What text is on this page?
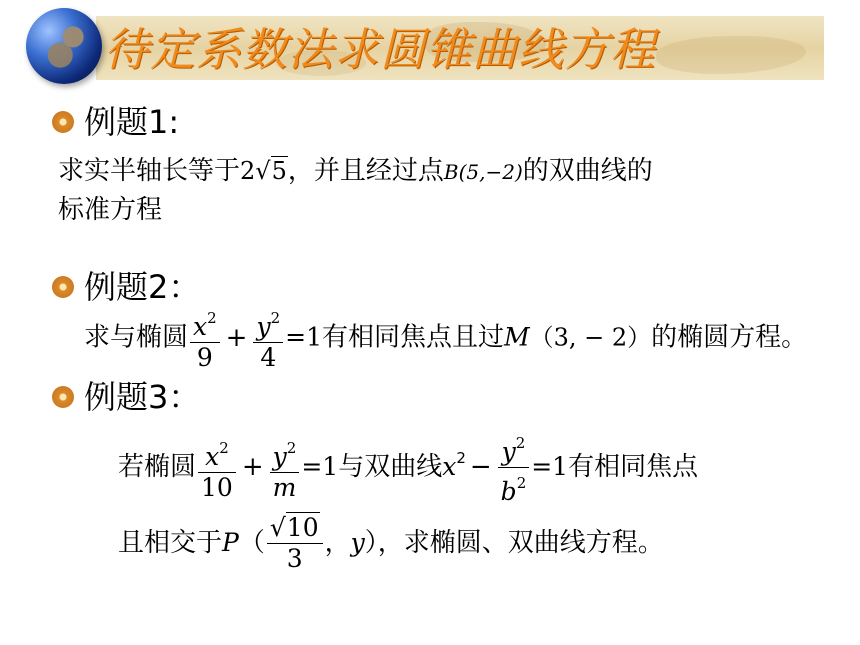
待定系数法求圆锥曲线方程
例题1:
求实半轴长等于2√5，并且经过点B(5,−2)的双曲线的
标准方程
例题2：
求与椭圆 $\frac{x^2}{9} + \frac{y^2}{4} =1$有相同焦点且过M（3, − 2）的椭圆方程。
例题3：
若椭圆 $\frac{x^2}{10} + \frac{y^2}{m} =1$与双曲线$x^2 - \frac{y^2}{b^2} =1$有相同焦点
且相交于$P( \frac{√10}{3}$ ，y），求椭圆、双曲线方程。
